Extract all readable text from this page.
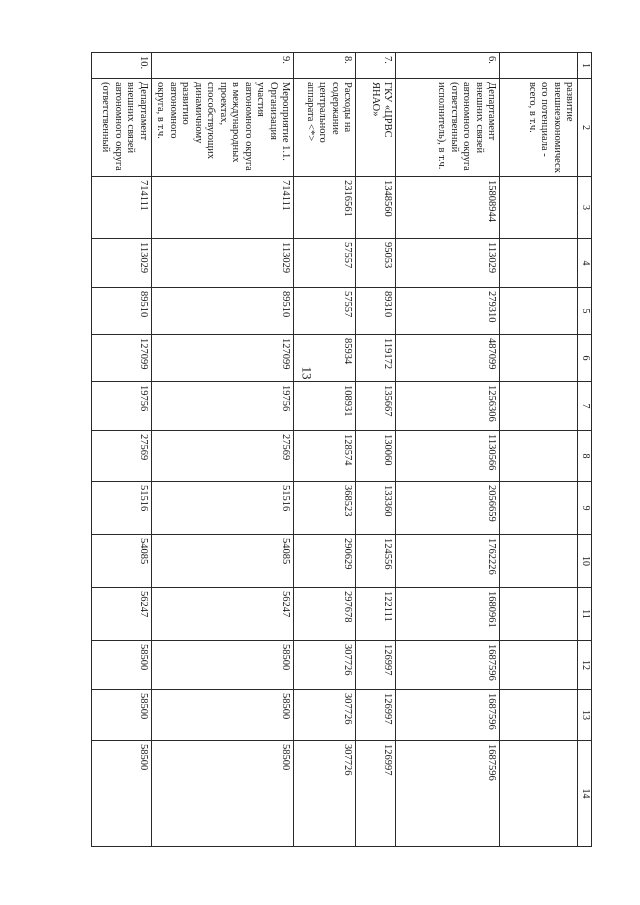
13
1	2	3	4	5	6	7	8	9	10	11	12	13	14
	развитие внешнеэкономического потенциала - всего, в т.ч.												
6.	Департамент внешних связей автономного округа (ответственный исполнитель), в т.ч.	15808944	113029	279310	487099	1256306	1130566	2056659	1762226	1680961	1687596	1687596	1687596
7.	ГКУ «ЦРВС ЯНАО»	1348560	95053	89310	119172	135667	130060	133360	124556	122111	126997	126997	126997
8.	Расходы на содержание центрального аппарата <*>	2316561	57557	57557	85934	108931	128574	368523	290629	297678	307726	307726	307726
9.	Мероприятие 1.1. Организация участия автономного округа в международных проектах, способствующих динамичному развитию автономного округа, в т.ч.	714111	113029	89510	127099	19756	27569	51516	54085	56247	58500	58500	58500
10.	Департамент внешних связей автономного округа (ответственный	714111	113029	89510	127099	19756	27569	51516	54085	56247	58500	58500	58500
